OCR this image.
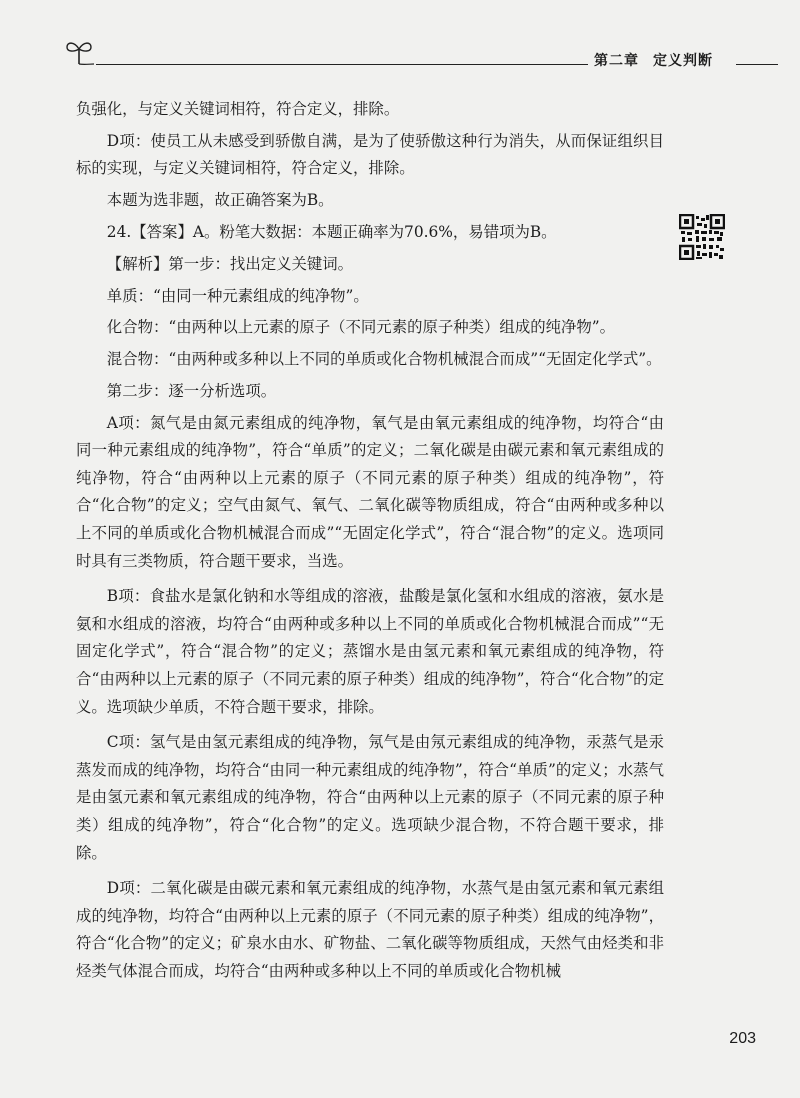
第二章 定义判断

负强化，与定义关键词相符，符合定义，排除。

D项：使员工从未感受到骄傲自满，是为了使骄傲这种行为消失，从而保证组织目标的实现，与定义关键词相符，符合定义，排除。

本题为选非题，故正确答案为B。

24.【答案】A。粉笔大数据：本题正确率为70.6%，易错项为B。

【解析】第一步：找出定义关键词。

单质：“由同一种元素组成的纯净物”。

化合物：“由两种以上元素的原子（不同元素的原子种类）组成的纯净物”。

混合物：“由两种或多种以上不同的单质或化合物机械混合而成”“无固定化学式”。

第二步：逐一分析选项。

A项：氮气是由氮元素组成的纯净物，氧气是由氧元素组成的纯净物，均符合“由同一种元素组成的纯净物”，符合“单质”的定义；二氧化碳是由碳元素和氧元素组成的纯净物，符合“由两种以上元素的原子（不同元素的原子种类）组成的纯净物”，符合“化合物”的定义；空气由氮气、氧气、二氧化碳等物质组成，符合“由两种或多种以上不同的单质或化合物机械混合而成”“无固定化学式”，符合“混合物”的定义。选项同时具有三类物质，符合题干要求，当选。

B项：食盐水是氯化钠和水等组成的溶液，盐酸是氯化氢和水组成的溶液，氨水是氨和水组成的溶液，均符合“由两种或多种以上不同的单质或化合物机械混合而成”“无固定化学式”，符合“混合物”的定义；蒸馏水是由氢元素和氧元素组成的纯净物，符合“由两种以上元素的原子（不同元素的原子种类）组成的纯净物”，符合“化合物”的定义。选项缺少单质，不符合题干要求，排除。

C项：氢气是由氢元素组成的纯净物，氖气是由氖元素组成的纯净物，汞蒸气是汞蒸发而成的纯净物，均符合“由同一种元素组成的纯净物”，符合“单质”的定义；水蒸气是由氢元素和氧元素组成的纯净物，符合“由两种以上元素的原子（不同元素的原子种类）组成的纯净物”，符合“化合物”的定义。选项缺少混合物，不符合题干要求，排除。

D项：二氧化碳是由碳元素和氧元素组成的纯净物，水蒸气是由氢元素和氧元素组成的纯净物，均符合“由两种以上元素的原子（不同元素的原子种类）组成的纯净物”，符合“化合物”的定义；矿泉水由水、矿物盐、二氧化碳等物质组成，天然气由烃类和非烃类气体混合而成，均符合“由两种或多种以上不同的单质或化合物机械

203
